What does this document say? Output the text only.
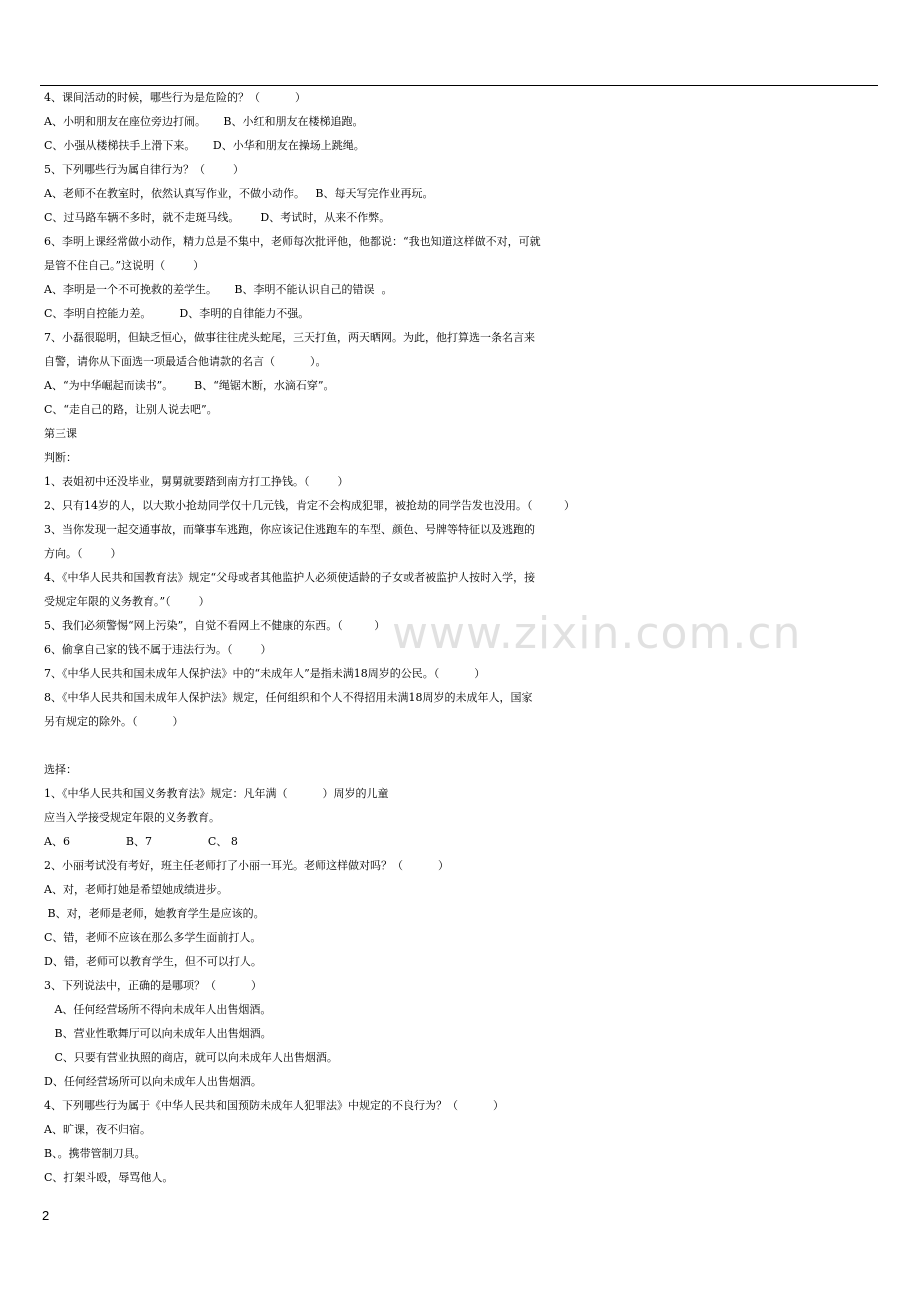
4、课间活动的时候，哪些行为是危险的？（          ）
A、小明和朋友在座位旁边打闹。     B、小红和朋友在楼梯追跑。
C、小强从楼梯扶手上滑下来。     D、小华和朋友在操场上跳绳。
5、下列哪些行为属自律行为？（        ）
A、老师不在教室时，依然认真写作业，不做小动作。   B、每天写完作业再玩。
C、过马路车辆不多时，就不走斑马线。      D、考试时，从来不作弊。
6、李明上课经常做小动作，精力总是不集中，老师每次批评他，他都说：“我也知道这样做不对，可就
是管不住自己。”这说明（        ）
A、李明是一个不可挽救的差学生。     B、李明不能认识自己的错误  。
C、李明自控能力差。        D、李明的自律能力不强。
7、小磊很聪明，但缺乏恒心，做事往往虎头蛇尾，三天打鱼，两天晒网。为此，他打算选一条名言来
自警，请你从下面选一项最适合他请款的名言（          ）。
A、“为中华崛起而读书”。      B、“绳锯木断，水滴石穿”。
C、“走自己的路，让别人说去吧”。
第三课
判断：
1、表姐初中还没毕业，舅舅就要踏到南方打工挣钱。（        ）
2、只有14岁的人，以大欺小抢劫同学仅十几元钱，肯定不会构成犯罪，被抢劫的同学告发也没用。（         ）
3、当你发现一起交通事故，而肇事车逃跑，你应该记住逃跑车的车型、颜色、号牌等特征以及逃跑的
方向。（        ）
4、《中华人民共和国教育法》规定“父母或者其他监护人必须使适龄的子女或者被监护人按时入学，接
受规定年限的义务教育。”（        ）
5、我们必须警惕“网上污染”，自觉不看网上不健康的东西。（         ）
6、偷拿自己家的钱不属于违法行为。（        ）
7、《中华人民共和国未成年人保护法》中的“未成年人”是指未满18周岁的公民。（          ）
8、《中华人民共和国未成年人保护法》规定，任何组织和个人不得招用未满18周岁的未成年人，国家
另有规定的除外。（          ）
选择：
1、《中华人民共和国义务教育法》规定：凡年满（          ）周岁的儿童
应当入学接受规定年限的义务教育。
A、6                B、7                C、 8
2、小丽考试没有考好，班主任老师打了小丽一耳光。老师这样做对吗？（          ）
A、对，老师打她是希望她成绩进步。
B、对，老师是老师，她教育学生是应该的。
C、错，老师不应该在那么多学生面前打人。
D、错，老师可以教育学生，但不可以打人。
3、下列说法中，正确的是哪项？（          ）
A、任何经营场所不得向未成年人出售烟酒。
B、营业性歌舞厅可以向未成年人出售烟酒。
C、只要有营业执照的商店，就可以向未成年人出售烟酒。
D、任何经营场所可以向未成年人出售烟酒。
4、下列哪些行为属于《中华人民共和国预防未成年人犯罪法》中规定的不良行为？（          ）
A、旷课，夜不归宿。
B、。携带管制刀具。
C、打架斗殴，辱骂他人。
www.zixin.com.cn
2
